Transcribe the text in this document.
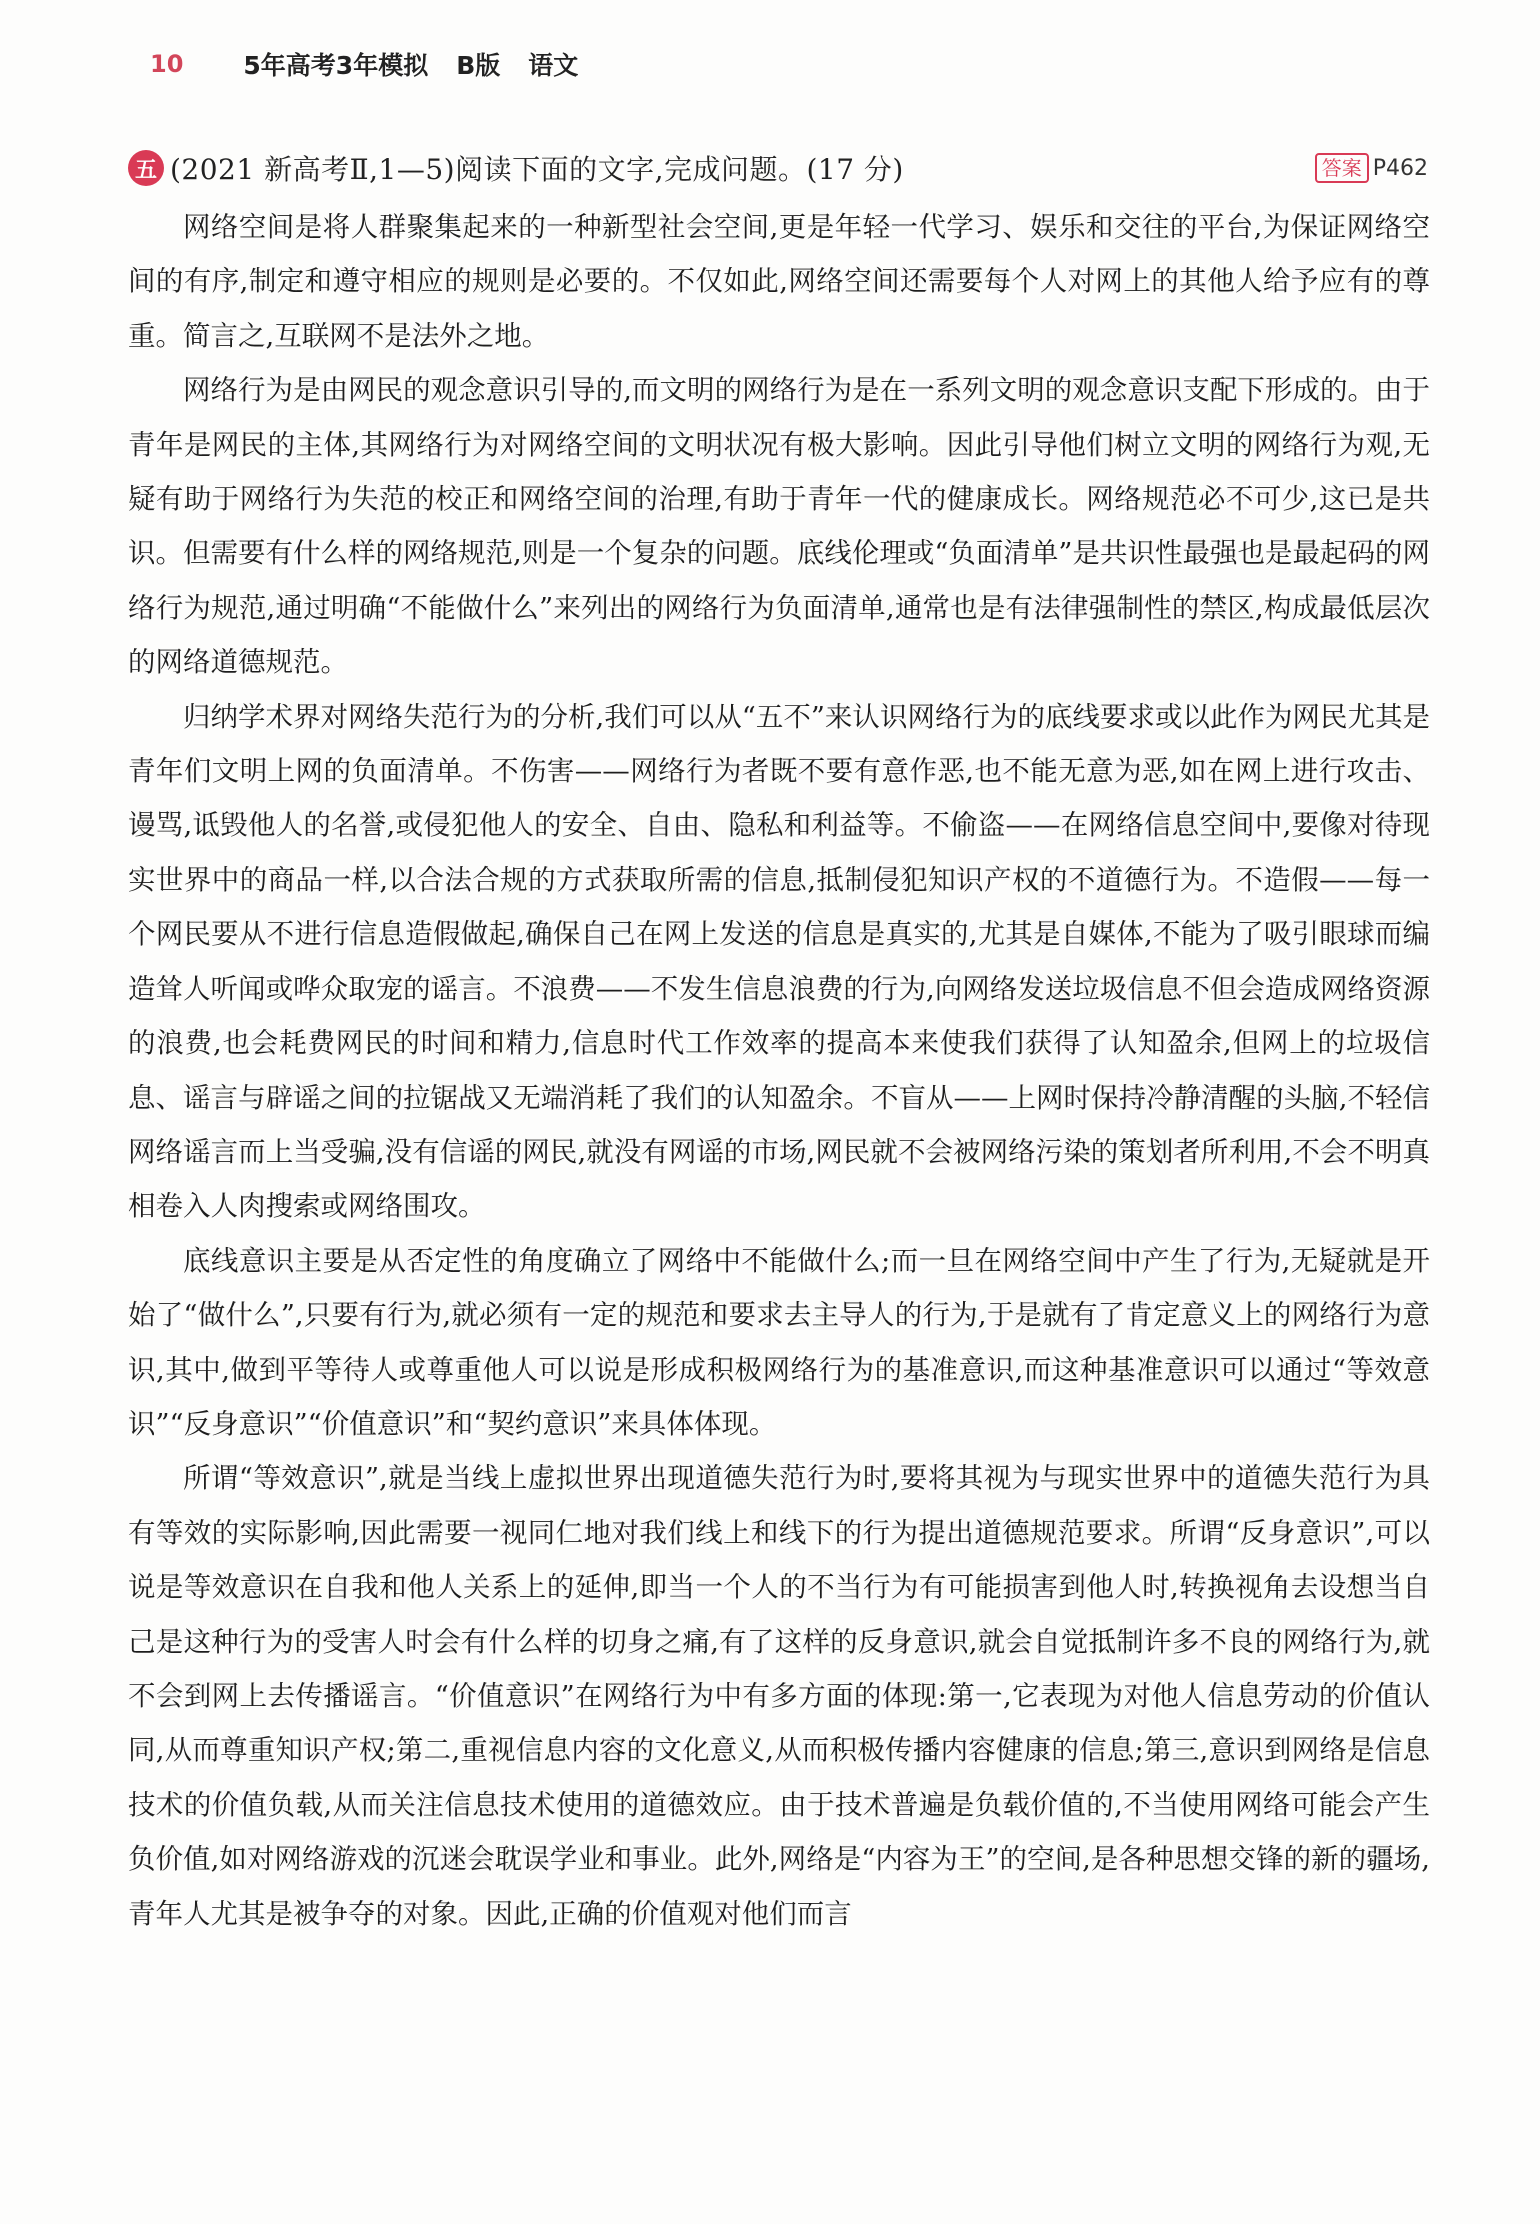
10 5年高考3年模拟 B版 语文
五 (2021 新高考Ⅱ,1—5)阅读下面的文字,完成问题。(17 分)	答案 P462

网络空间是将人群聚集起来的一种新型社会空间,更是年轻一代学习、娱乐和交往的平台,为保证网络空间的有序,制定和遵守相应的规则是必要的。不仅如此,网络空间还需要每个人对网上的其他人给予应有的尊重。简言之,互联网不是法外之地。

网络行为是由网民的观念意识引导的,而文明的网络行为是在一系列文明的观念意识支配下形成的。由于青年是网民的主体,其网络行为对网络空间的文明状况有极大影响。因此引导他们树立文明的网络行为观,无疑有助于网络行为失范的校正和网络空间的治理,有助于青年一代的健康成长。网络规范必不可少,这已是共识。但需要有什么样的网络规范,则是一个复杂的问题。底线伦理或“负面清单”是共识性最强也是最起码的网络行为规范,通过明确“不能做什么”来列出的网络行为负面清单,通常也是有法律强制性的禁区,构成最低层次的网络道德规范。

归纳学术界对网络失范行为的分析,我们可以从“五不”来认识网络行为的底线要求或以此作为网民尤其是青年们文明上网的负面清单。不伤害——网络行为者既不要有意作恶,也不能无意为恶,如在网上进行攻击、谩骂,诋毁他人的名誉,或侵犯他人的安全、自由、隐私和利益等。不偷盗——在网络信息空间中,要像对待现实世界中的商品一样,以合法合规的方式获取所需的信息,抵制侵犯知识产权的不道德行为。不造假——每一个网民要从不进行信息造假做起,确保自己在网上发送的信息是真实的,尤其是自媒体,不能为了吸引眼球而编造耸人听闻或哗众取宠的谣言。不浪费——不发生信息浪费的行为,向网络发送垃圾信息不但会造成网络资源的浪费,也会耗费网民的时间和精力,信息时代工作效率的提高本来使我们获得了认知盈余,但网上的垃圾信息、谣言与辟谣之间的拉锯战又无端消耗了我们的认知盈余。不盲从——上网时保持冷静清醒的头脑,不轻信网络谣言而上当受骗,没有信谣的网民,就没有网谣的市场,网民就不会被网络污染的策划者所利用,不会不明真相卷入人肉搜索或网络围攻。

底线意识主要是从否定性的角度确立了网络中不能做什么;而一旦在网络空间中产生了行为,无疑就是开始了“做什么”,只要有行为,就必须有一定的规范和要求去主导人的行为,于是就有了肯定意义上的网络行为意识,其中,做到平等待人或尊重他人可以说是形成积极网络行为的基准意识,而这种基准意识可以通过“等效意识”“反身意识”“价值意识”和“契约意识”来具体体现。

所谓“等效意识”,就是当线上虚拟世界出现道德失范行为时,要将其视为与现实世界中的道德失范行为具有等效的实际影响,因此需要一视同仁地对我们线上和线下的行为提出道德规范要求。所谓“反身意识”,可以说是等效意识在自我和他人关系上的延伸,即当一个人的不当行为有可能损害到他人时,转换视角去设想当自己是这种行为的受害人时会有什么样的切身之痛,有了这样的反身意识,就会自觉抵制许多不良的网络行为,就不会到网上去传播谣言。“价值意识”在网络行为中有多方面的体现:第一,它表现为对他人信息劳动的价值认同,从而尊重知识产权;第二,重视信息内容的文化意义,从而积极传播内容健康的信息;第三,意识到网络是信息技术的价值负载,从而关注信息技术使用的道德效应。由于技术普遍是负载价值的,不当使用网络可能会产生负价值,如对网络游戏的沉迷会耽误学业和事业。此外,网络是“内容为王”的空间,是各种思想交锋的新的疆场,青年人尤其是被争夺的对象。因此,正确的价值观对他们而言
